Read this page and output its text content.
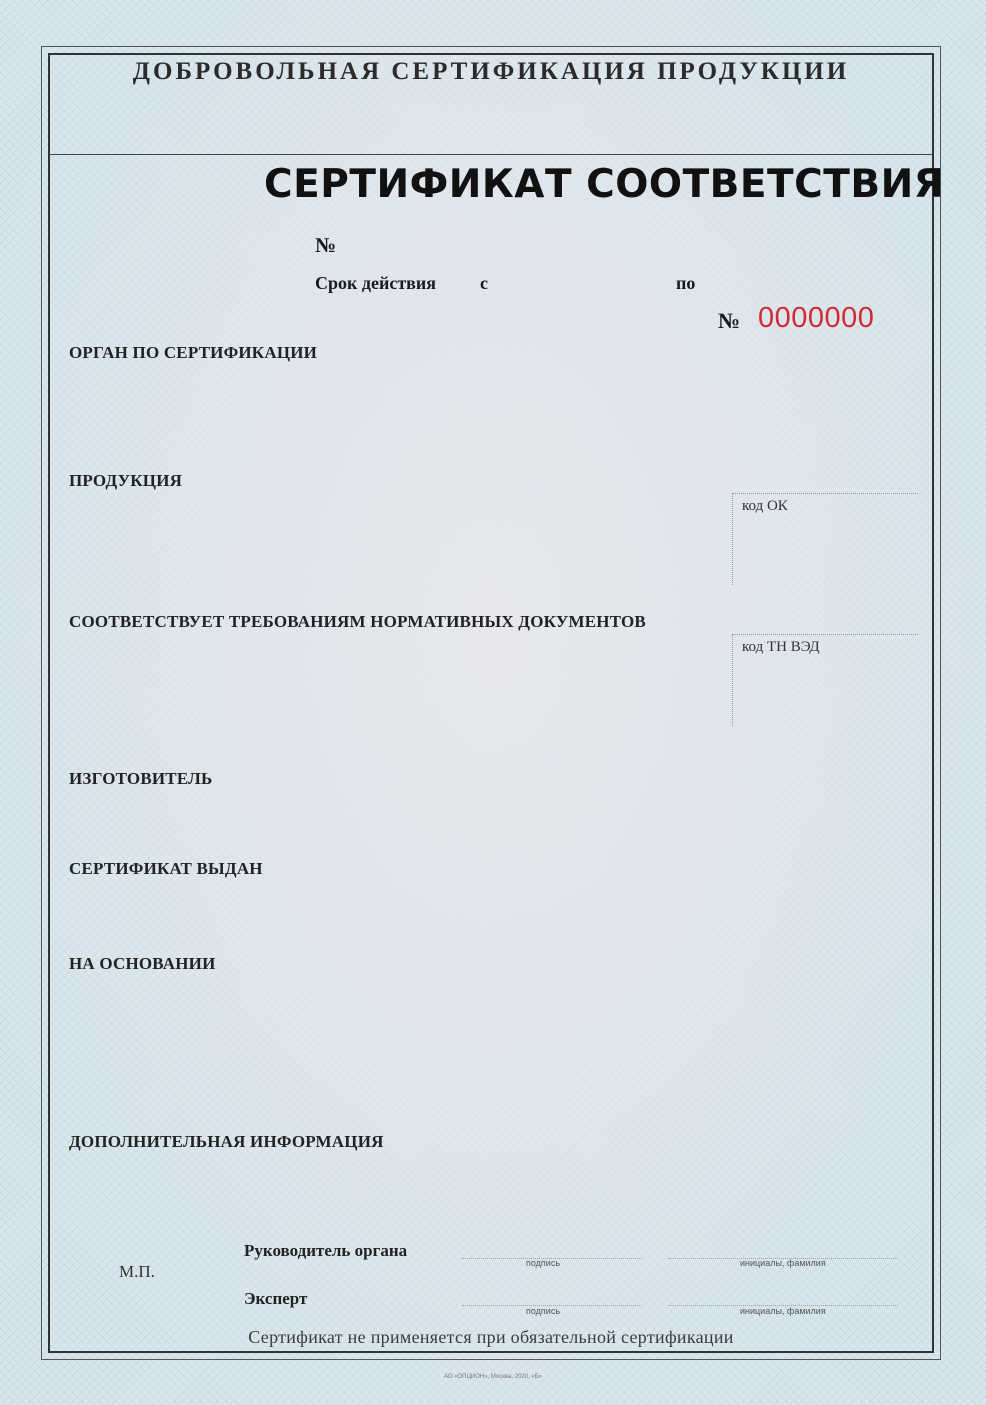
ДОБРОВОЛЬНАЯ СЕРТИФИКАЦИЯ ПРОДУКЦИИ
СЕРТИФИКАТ СООТВЕТСТВИЯ
№
Срок действия с	по
№ 0000000
ОРГАН ПО СЕРТИФИКАЦИИ
ПРОДУКЦИЯ
СООТВЕТСТВУЕТ ТРЕБОВАНИЯМ НОРМАТИВНЫХ ДОКУМЕНТОВ
ИЗГОТОВИТЕЛЬ
СЕРТИФИКАТ ВЫДАН
НА ОСНОВАНИИ
ДОПОЛНИТЕЛЬНАЯ ИНФОРМАЦИЯ
код ОК
код ТН ВЭД
М.П.
Руководитель органа
подпись	инициалы, фамилия
Эксперт
подпись	инициалы, фамилия
Сертификат не применяется при обязательной сертификации
АО «ОПЦИОН», Москва, 2020, «Б»
